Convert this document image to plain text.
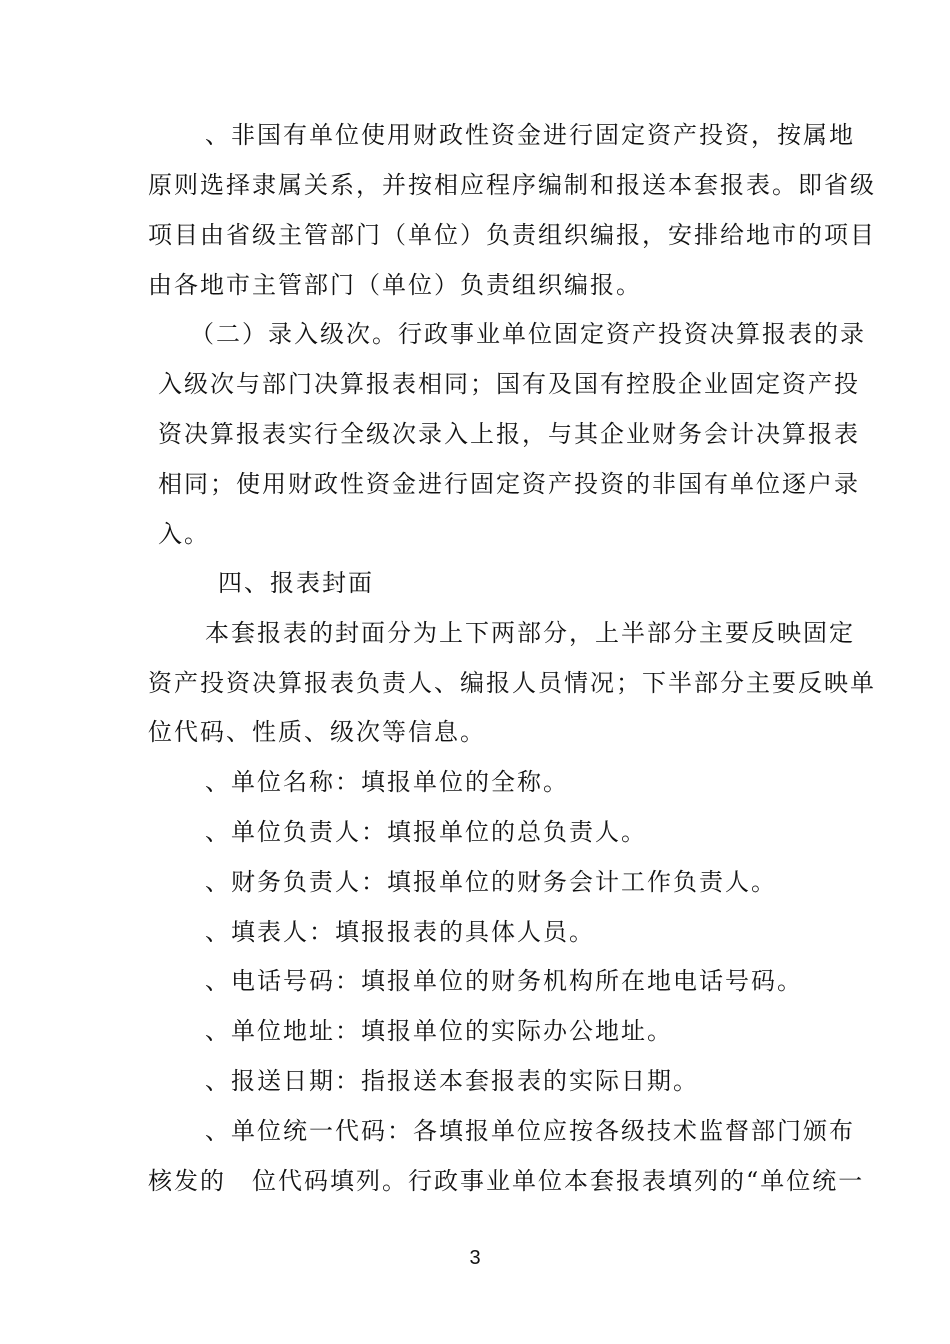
、非国有单位使用财政性资金进行固定资产投资，按属地

原则选择隶属关系，并按相应程序编制和报送本套报表。即省级

项目由省级主管部门（单位）负责组织编报，安排给地市的项目

由各地市主管部门（单位）负责组织编报。

（二）录入级次。行政事业单位固定资产投资决算报表的录

入级次与部门决算报表相同；国有及国有控股企业固定资产投

资决算报表实行全级次录入上报，与其企业财务会计决算报表

相同；使用财政性资金进行固定资产投资的非国有单位逐户录

入。

四、报表封面

本套报表的封面分为上下两部分，上半部分主要反映固定

资产投资决算报表负责人、编报人员情况；下半部分主要反映单

位代码、性质、级次等信息。

、单位名称：填报单位的全称。

、单位负责人：填报单位的总负责人。

、财务负责人：填报单位的财务会计工作负责人。

、填表人：填报报表的具体人员。

、电话号码：填报单位的财务机构所在地电话号码。

、单位地址：填报单位的实际办公地址。

、报送日期：指报送本套报表的实际日期。

、单位统一代码：各填报单位应按各级技术监督部门颁布

核发的　位代码填列。行政事业单位本套报表填列的“单位统一

3
